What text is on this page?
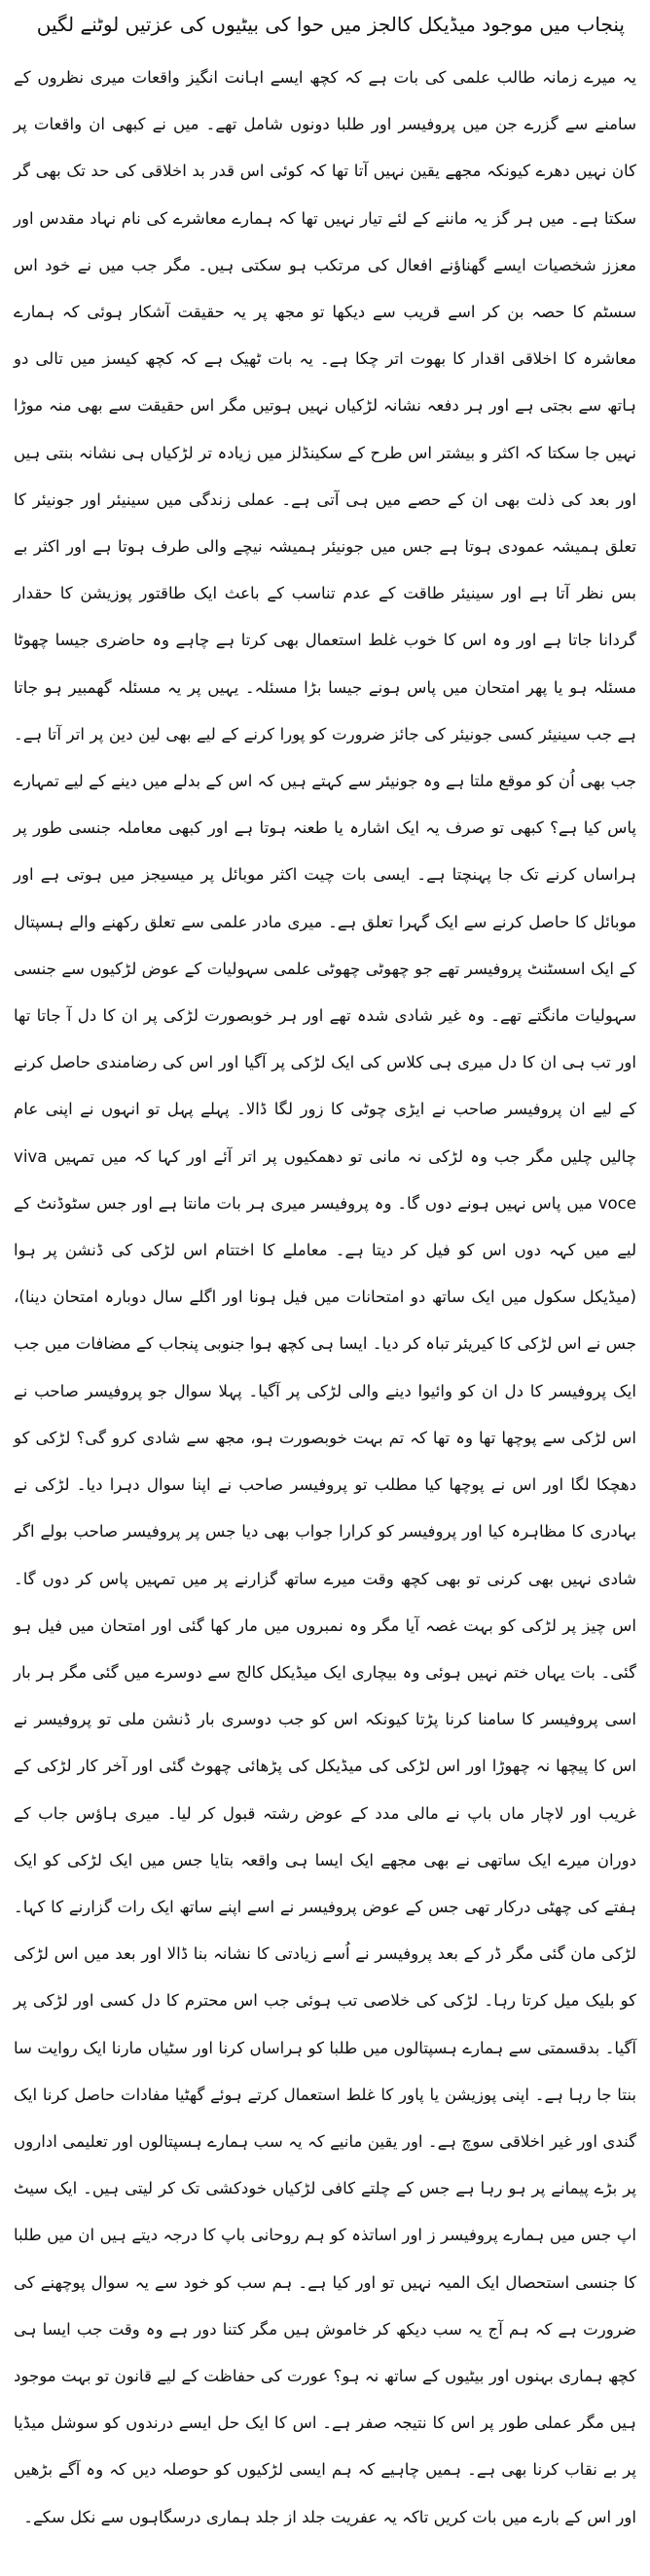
پنجاب میں موجود میڈیکل کالجز میں حوا کی بیٹیوں کی عزتیں لوٹنے لگیں

یہ میرے زمانہ طالب علمی کی بات ہے کہ کچھ ایسے اہانت انگیز واقعات میری نظروں کے سامنے سے گزرے جن میں پروفیسر اور طلبا دونوں شامل تھے۔ میں نے کبھی ان واقعات پر کان نہیں دھرے کیونکہ مجھے یقین نہیں آتا تھا کہ کوئی اس قدر بد اخلاقی کی حد تک بھی گر سکتا ہے۔ میں ہر گز یہ ماننے کے لئے تیار نہیں تھا کہ ہمارے معاشرے کی نام نہاد مقدس اور معزز شخصیات ایسے گھناؤنے افعال کی مرتکب ہو سکتی ہیں۔ مگر جب میں نے خود اس سسٹم کا حصہ بن کر اسے قریب سے دیکھا تو مجھ پر یہ حقیقت آشکار ہوئی کہ ہمارے معاشرہ کا اخلاقی اقدار کا بھوت اتر چکا ہے۔ یہ بات ٹھیک ہے کہ کچھ کیسز میں تالی دو ہاتھ سے بجتی ہے اور ہر دفعہ نشانہ لڑکیاں نہیں ہوتیں مگر اس حقیقت سے بھی منہ موڑا نہیں جا سکتا کہ اکثر و بیشتر اس طرح کے سکینڈلز میں زیادہ تر لڑکیاں ہی نشانہ بنتی ہیں اور بعد کی ذلت بھی ان کے حصے میں ہی آتی ہے۔ عملی زندگی میں سینیئر اور جونیئر کا تعلق ہمیشہ عمودی ہوتا ہے جس میں جونیئر ہمیشہ نیچے والی طرف ہوتا ہے اور اکثر بے بس نظر آتا ہے اور سینیئر طاقت کے عدم تناسب کے باعث ایک طاقتور پوزیشن کا حقدار گردانا جاتا ہے اور وہ اس کا خوب غلط استعمال بھی کرتا ہے چاہے وہ حاضری جیسا چھوٹا مسئلہ ہو یا پھر امتحان میں پاس ہونے جیسا بڑا مسئلہ۔ یہیں پر یہ مسئلہ گھمبیر ہو جاتا ہے جب سینیئر کسی جونیئر کی جائز ضرورت کو پورا کرنے کے لیے بھی لین دین پر اتر آتا ہے۔ جب بھی اُن کو موقع ملتا ہے وہ جونیئر سے کہتے ہیں کہ اس کے بدلے میں دینے کے لیے تمہارے پاس کیا ہے؟ کبھی تو صرف یہ ایک اشارہ یا طعنہ ہوتا ہے اور کبھی معاملہ جنسی طور پر ہراساں کرنے تک جا پہنچتا ہے۔ ایسی بات چیت اکثر موبائل پر میسیجز میں ہوتی ہے اور موبائل کا حاصل کرنے سے ایک گہرا تعلق ہے۔ میری مادر علمی سے تعلق رکھنے والے ہسپتال کے ایک اسسٹنٹ پروفیسر تھے جو چھوٹی چھوٹی علمی سہولیات کے عوض لڑکیوں سے جنسی سہولیات مانگتے تھے۔ وہ غیر شادی شدہ تھے اور ہر خوبصورت لڑکی پر ان کا دل آ جاتا تھا اور تب ہی ان کا دل میری ہی کلاس کی ایک لڑکی پر آگیا اور اس کی رضامندی حاصل کرنے کے لیے ان پروفیسر صاحب نے ایڑی چوٹی کا زور لگا ڈالا۔ پہلے پہل تو انہوں نے اپنی عام چالیں چلیں مگر جب وہ لڑکی نہ مانی تو دھمکیوں پر اتر آئے اور کہا کہ میں تمہیں viva voce میں پاس نہیں ہونے دوں گا۔ وہ پروفیسر میری ہر بات مانتا ہے اور جس سٹوڈنٹ کے لیے میں کہہ دوں اس کو فیل کر دیتا ہے۔ معاملے کا اختتام اس لڑکی کی ڈنشن پر ہوا (میڈیکل سکول میں ایک ساتھ دو امتحانات میں فیل ہونا اور اگلے سال دوبارہ امتحان دینا)، جس نے اس لڑکی کا کیریئر تباہ کر دیا۔ ایسا ہی کچھ ہوا جنوبی پنجاب کے مضافات میں جب ایک پروفیسر کا دل ان کو وائیوا دینے والی لڑکی پر آگیا۔ پہلا سوال جو پروفیسر صاحب نے اس لڑکی سے پوچھا تھا وہ تھا کہ تم بہت خوبصورت ہو، مجھ سے شادی کرو گی؟ لڑکی کو دھچکا لگا اور اس نے پوچھا کیا مطلب تو پروفیسر صاحب نے اپنا سوال دہرا دیا۔ لڑکی نے بہادری کا مظاہرہ کیا اور پروفیسر کو کرارا جواب بھی دیا جس پر پروفیسر صاحب بولے اگر شادی نہیں بھی کرنی تو بھی کچھ وقت میرے ساتھ گزارنے پر میں تمہیں پاس کر دوں گا۔ اس چیز پر لڑکی کو بہت غصہ آیا مگر وہ نمبروں میں مار کھا گئی اور امتحان میں فیل ہو گئی۔ بات یہاں ختم نہیں ہوئی وہ بیچاری ایک میڈیکل کالج سے دوسرے میں گئی مگر ہر بار اسی پروفیسر کا سامنا کرنا پڑتا کیونکہ اس کو جب دوسری بار ڈنشن ملی تو پروفیسر نے اس کا پیچھا نہ چھوڑا اور اس لڑکی کی میڈیکل کی پڑھائی چھوٹ گئی اور آخر کار لڑکی کے غریب اور لاچار ماں باپ نے مالی مدد کے عوض رشتہ قبول کر لیا۔ میری ہاؤس جاب کے دوران میرے ایک ساتھی نے بھی مجھے ایک ایسا ہی واقعہ بتایا جس میں ایک لڑکی کو ایک ہفتے کی چھٹی درکار تھی جس کے عوض پروفیسر نے اسے اپنے ساتھ ایک رات گزارنے کا کہا۔ لڑکی مان گئی مگر ڈر کے بعد پروفیسر نے اُسے زیادتی کا نشانہ بنا ڈالا اور بعد میں اس لڑکی کو بلیک میل کرتا رہا۔ لڑکی کی خلاصی تب ہوئی جب اس محترم کا دل کسی اور لڑکی پر آگیا۔ بدقسمتی سے ہمارے ہسپتالوں میں طلبا کو ہراساں کرنا اور سٹیاں مارنا ایک روایت سا بنتا جا رہا ہے۔ اپنی پوزیشن یا پاور کا غلط استعمال کرتے ہوئے گھٹیا مفادات حاصل کرنا ایک گندی اور غیر اخلاقی سوچ ہے۔ اور یقین مانیے کہ یہ سب ہمارے ہسپتالوں اور تعلیمی اداروں پر بڑے پیمانے پر ہو رہا ہے جس کے چلتے کافی لڑکیاں خودکشی تک کر لیتی ہیں۔ ایک سیٹ اپ جس میں ہمارے پروفیسر ز اور اساتذہ کو ہم روحانی باپ کا درجہ دیتے ہیں ان میں طلبا کا جنسی استحصال ایک المیہ نہیں تو اور کیا ہے۔ ہم سب کو خود سے یہ سوال پوچھنے کی ضرورت ہے کہ ہم آج یہ سب دیکھ کر خاموش ہیں مگر کتنا دور ہے وہ وقت جب ایسا ہی کچھ ہماری بہنوں اور بیٹیوں کے ساتھ نہ ہو؟ عورت کی حفاظت کے لیے قانون تو بہت موجود ہیں مگر عملی طور پر اس کا نتیجہ صفر ہے۔ اس کا ایک حل ایسے درندوں کو سوشل میڈیا پر بے نقاب کرنا بھی ہے۔ ہمیں چاہیے کہ ہم ایسی لڑکیوں کو حوصلہ دیں کہ وہ آگے بڑھیں اور اس کے بارے میں بات کریں تاکہ یہ عفریت جلد از جلد ہماری درسگاہوں سے نکل سکے۔
